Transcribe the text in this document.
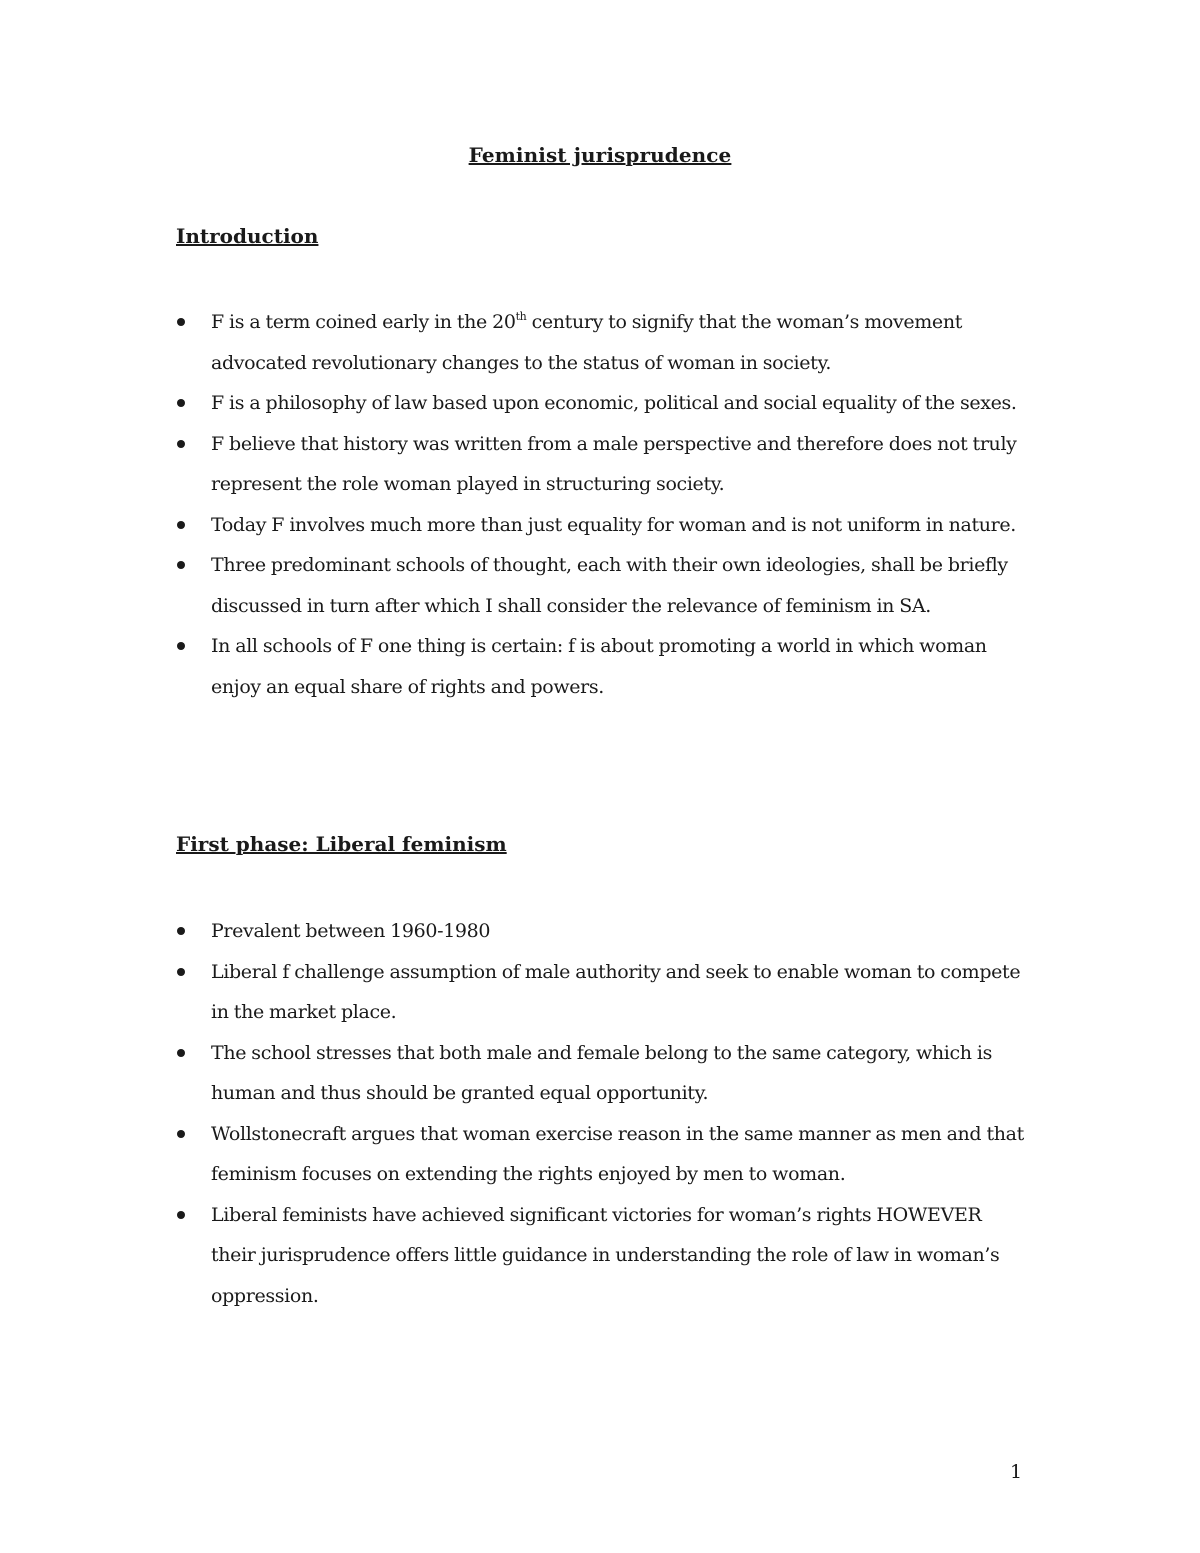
Feminist jurisprudence
Introduction
F is a term coined early in the 20th century to signify that the woman’s movement advocated revolutionary changes to the status of woman in society.
F is a philosophy of law based upon economic, political and social equality of the sexes.
F believe that history was written from a male perspective and therefore does not truly represent the role woman played in structuring society.
Today F involves much more than just equality for woman and is not uniform in nature.
Three predominant schools of thought, each with their own ideologies, shall be briefly discussed in turn after which I shall consider the relevance of feminism in SA.
In all schools of F one thing is certain: f is about promoting a world in which woman enjoy an equal share of rights and powers.
First phase: Liberal feminism
Prevalent between 1960-1980
Liberal f challenge assumption of male authority and seek to enable woman to compete in the market place.
The school stresses that both male and female belong to the same category, which is human and thus should be granted equal opportunity.
Wollstonecraft argues that woman exercise reason in the same manner as men and that feminism focuses on extending the rights enjoyed by men to woman.
Liberal feminists have achieved significant victories for woman’s rights HOWEVER their jurisprudence offers little guidance in understanding the role of law in woman’s oppression.
1
